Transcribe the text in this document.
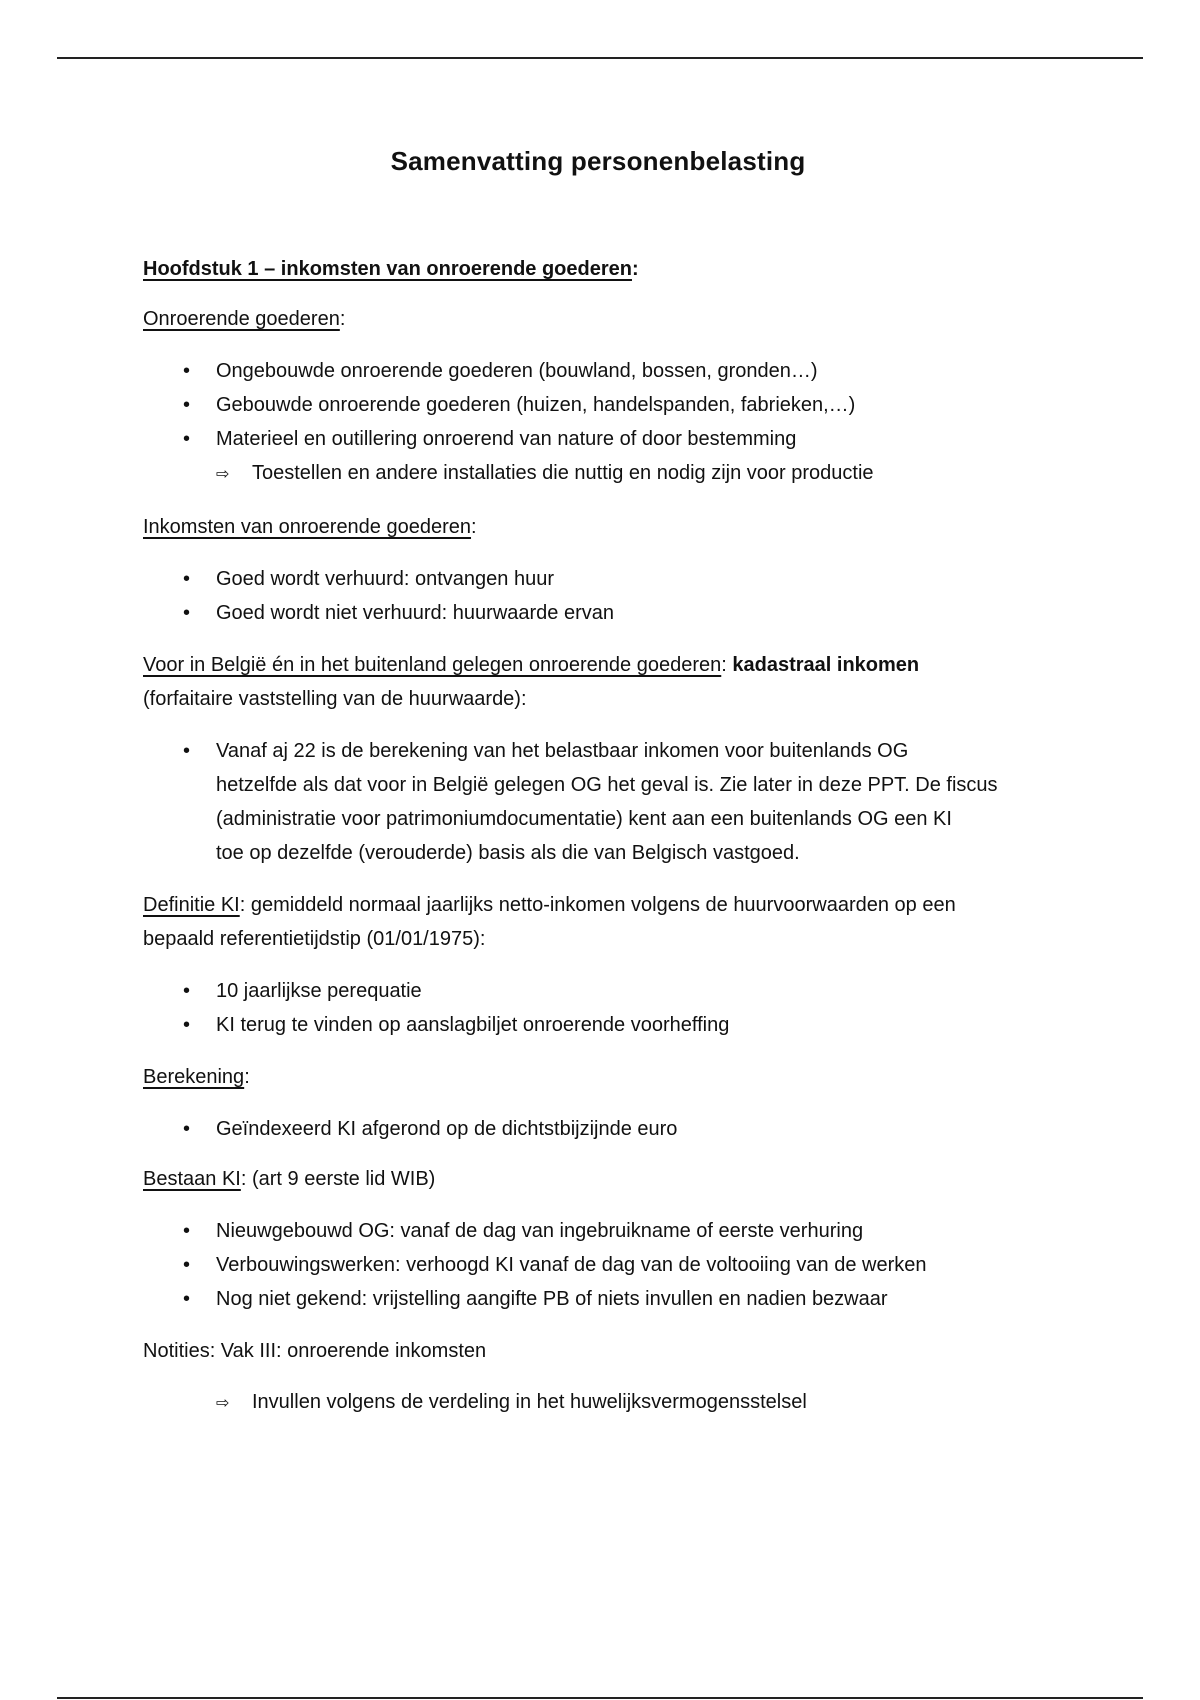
Samenvatting personenbelasting
Hoofdstuk 1 – inkomsten van onroerende goederen:
Onroerende goederen:
•	Ongebouwde onroerende goederen (bouwland, bossen, gronden…)
•	Gebouwde onroerende goederen (huizen, handelspanden, fabrieken,…)
•	Materieel en outillering onroerend van nature of door bestemming
⇨ Toestellen en andere installaties die nuttig en nodig zijn voor productie
Inkomsten van onroerende goederen:
•	Goed wordt verhuurd: ontvangen huur
•	Goed wordt niet verhuurd: huurwaarde ervan
Voor in België én in het buitenland gelegen onroerende goederen: kadastraal inkomen
(forfaitaire vaststelling van de huurwaarde):
•	Vanaf aj 22 is de berekening van het belastbaar inkomen voor buitenlands OG
hetzelfde als dat voor in België gelegen OG het geval is. Zie later in deze PPT. De fiscus
(administratie voor patrimoniumdocumentatie) kent aan een buitenlands OG een KI
toe op dezelfde (verouderde) basis als die van Belgisch vastgoed.
Definitie KI: gemiddeld normaal jaarlijks netto-inkomen volgens de huurvoorwaarden op een
bepaald referentietijdstip (01/01/1975):
•	10 jaarlijkse perequatie
•	KI terug te vinden op aanslagbiljet onroerende voorheffing
Berekening:
•	Geïndexeerd KI afgerond op de dichtstbijzijnde euro
Bestaan KI: (art 9 eerste lid WIB)
•	Nieuwgebouwd OG: vanaf de dag van ingebruikname of eerste verhuring
•	Verbouwingswerken: verhoogd KI vanaf de dag van de voltooiing van de werken
•	Nog niet gekend: vrijstelling aangifte PB of niets invullen en nadien bezwaar
Notities: Vak III: onroerende inkomsten
⇨ Invullen volgens de verdeling in het huwelijksvermogensstelsel
